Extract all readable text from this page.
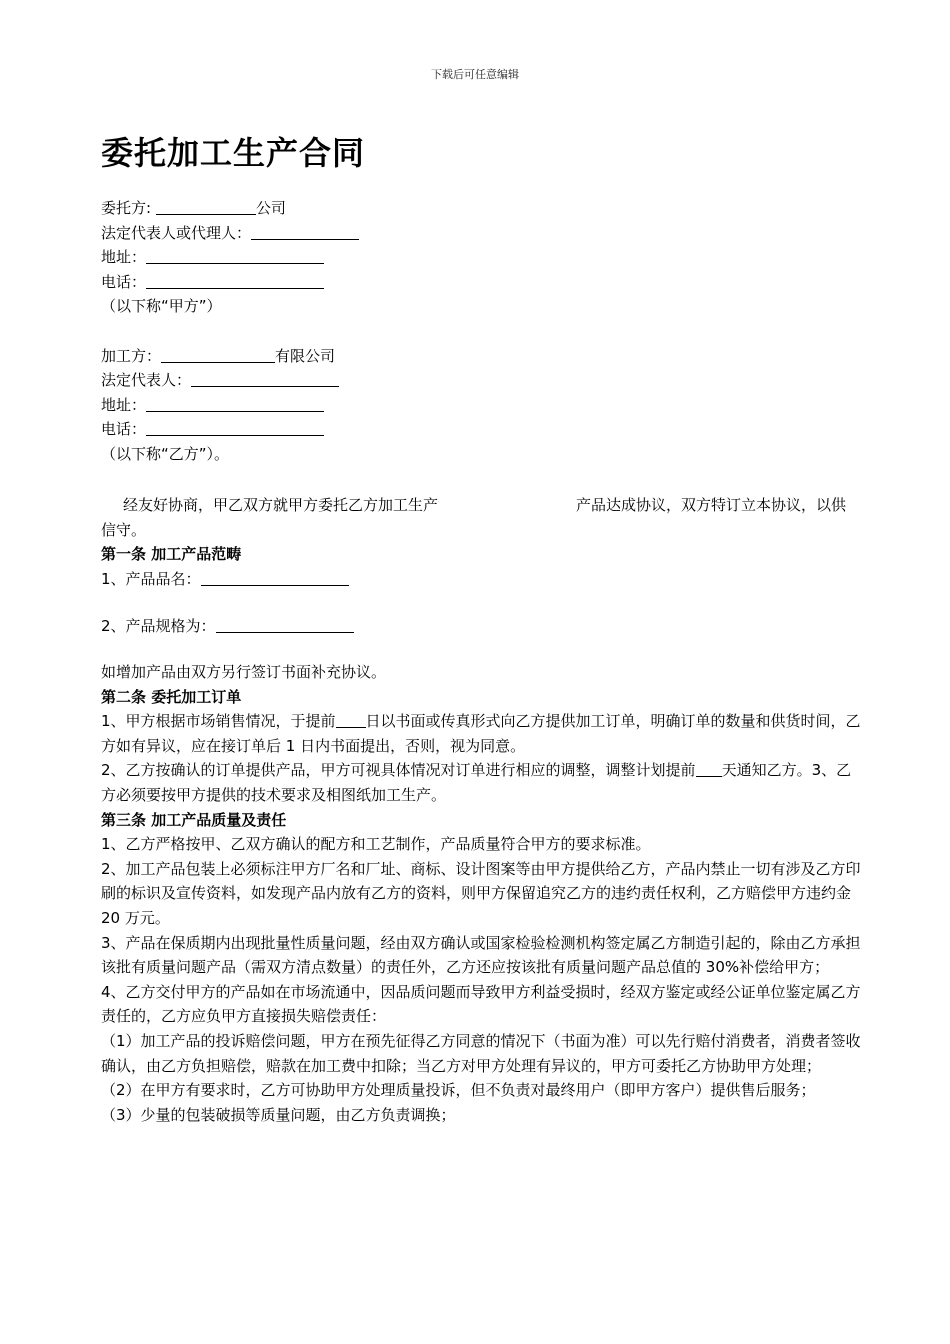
下载后可任意编辑
委托加工生产合同
委托方:	公司
法定代表人或代理人：
地址：
电话：
（以下称“甲方”）
加工方：	有限公司
法定代表人：
地址：
电话：
（以下称“乙方”）。
经友好协商，甲乙双方就甲方委托乙方加工生产	产品达成协议，双方特订立本协议，以供信守。
第一条 加工产品范畴
1、产品品名：
2、产品规格为：
如增加产品由双方另行签订书面补充协议。
第二条 委托加工订单
1、甲方根据市场销售情况，于提前 日以书面或传真形式向乙方提供加工订单，明确订单的数量和供货时间，乙方如有异议，应在接订单后 1 日内书面提出，否则，视为同意。
2、乙方按确认的订单提供产品，甲方可视具体情况对订单进行相应的调整，调整计划提前 天通知乙方。3、乙方必须要按甲方提供的技术要求及相图纸加工生产。
第三条 加工产品质量及责任
1、乙方严格按甲、乙双方确认的配方和工艺制作，产品质量符合甲方的要求标准。
2、加工产品包装上必须标注甲方厂名和厂址、商标、设计图案等由甲方提供给乙方，产品内禁止一切有涉及乙方印刷的标识及宣传资料，如发现产品内放有乙方的资料，则甲方保留追究乙方的违约责任权利，乙方赔偿甲方违约金 20 万元。
3、产品在保质期内出现批量性质量问题，经由双方确认或国家检验检测机构签定属乙方制造引起的，除由乙方承担该批有质量问题产品（需双方清点数量）的责任外，乙方还应按该批有质量问题产品总值的 30%补偿给甲方；
4、乙方交付甲方的产品如在市场流通中，因品质问题而导致甲方利益受损时，经双方鉴定或经公证单位鉴定属乙方责任的，乙方应负甲方直接损失赔偿责任：
（1）加工产品的投诉赔偿问题，甲方在预先征得乙方同意的情况下（书面为准）可以先行赔付消费者，消费者签收确认，由乙方负担赔偿，赔款在加工费中扣除；当乙方对甲方处理有异议的，甲方可委托乙方协助甲方处理；
（2）在甲方有要求时，乙方可协助甲方处理质量投诉，但不负责对最终用户（即甲方客户）提供售后服务；
（3）少量的包装破损等质量问题，由乙方负责调换；
